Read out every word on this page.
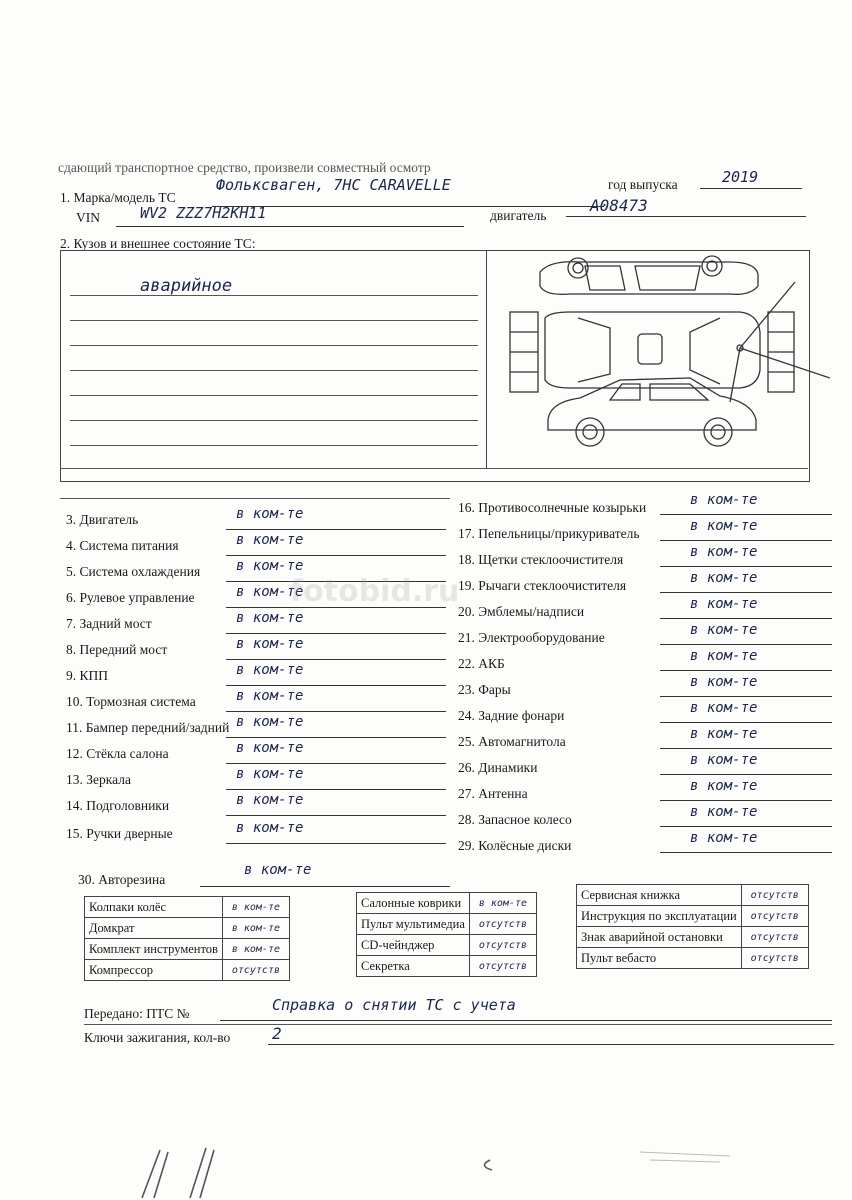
сдающий транспортное средство, произвели совместный осмотр
1. Марка/модель ТС
Фольксваген, 7НС CARAVELLE	год выпуска	2019
VIN	WV2 ZZZ7H2KH11	двигатель
A08473
2. Кузов и внешнее состояние ТС:
аварийное
3. Двигатель	в ком-те
4. Система питания	в ком-те
5. Система охлаждения	в ком-те
6. Рулевое управление	в ком-те
7. Задний мост	в ком-те
8. Передний мост	в ком-те
9. КПП	в ком-те
10. Тормозная система	в ком-те
11. Бампер передний/задний в ком-те
12. Стёкла салона	в ком-те
13. Зеркала	в ком-те
14. Подголовники	в ком-те
15. Ручки дверные	в ком-те
16. Противосолнечные козырьки	в ком-те
17. Пепельницы/прикуриватель	в ком-те
18. Щетки стеклоочистителя	в ком-те
19. Рычаги стеклоочистителя	в ком-те
20. Эмблемы/надписи	в ком-те
21. Электрооборудование	в ком-те
22. АКБ	в ком-те
23. Фары	в ком-те
24. Задние фонари	в ком-те
25. Автомагнитола	в ком-те
26. Динамики	в ком-те
27. Антенна	в ком-те
28. Запасное колесо	в ком-те
29. Колёсные диски	в ком-те
30. Авторезина
в ком-те
Колпаки колёс	в ком-те
Домкрат	в ком-те
Комплект инструментов	в ком-те
Компрессор	отсутств
Салонные коврики	в ком-те
Пульт мультимедиа	отсутств
CD-чейнджер	отсутств
Секретка	отсутств
Сервисная книжка	отсутств
Инструкция по эксплуатации	отсутств
Знак аварийной остановки	отсутств
Пульт вебасто	отсутств
Передано: ПТС №	Справка о снятии ТС с учета
Ключи зажигания, кол-во	2
fotobid.ru
